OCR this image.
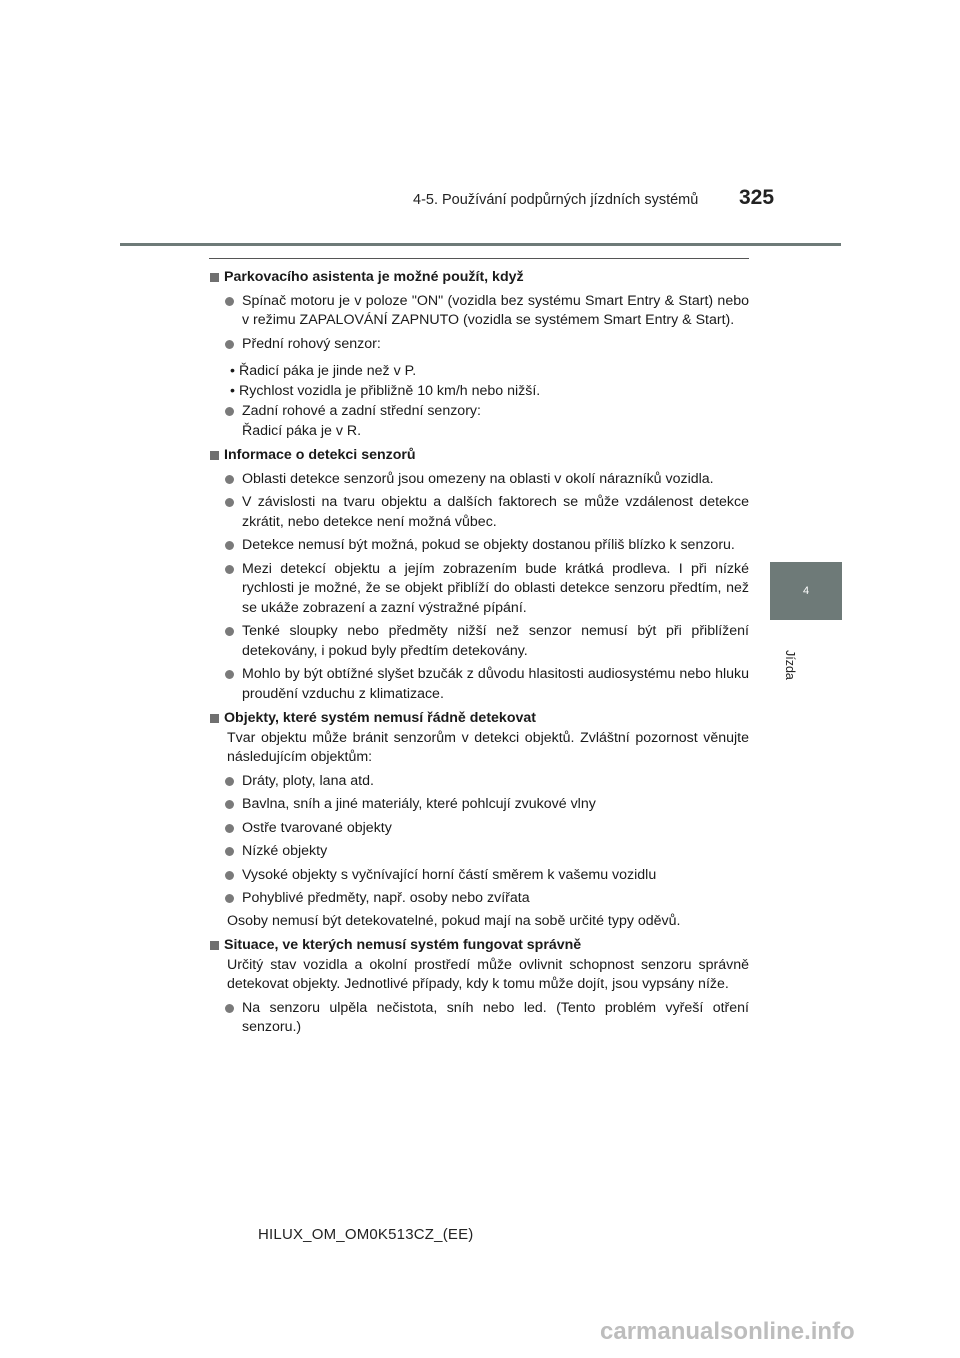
4-5. Používání podpůrných jízdních systémů 325
4
Jízda
Parkovacího asistenta je možné použít, když
Spínač motoru je v poloze "ON" (vozidla bez systému Smart Entry & Start) nebo v režimu ZAPALOVÁNÍ ZAPNUTO (vozidla se systémem Smart Entry & Start).
Přední rohový senzor:
• Řadicí páka je jinde než v P.
• Rychlost vozidla je přibližně 10 km/h nebo nižší.
Zadní rohové a zadní střední senzory:
Řadicí páka je v R.
Informace o detekci senzorů
Oblasti detekce senzorů jsou omezeny na oblasti v okolí nárazníků vozidla.
V závislosti na tvaru objektu a dalších faktorech se může vzdálenost detekce zkrátit, nebo detekce není možná vůbec.
Detekce nemusí být možná, pokud se objekty dostanou příliš blízko k senzoru.
Mezi detekcí objektu a jejím zobrazením bude krátká prodleva. I při nízké rychlosti je možné, že se objekt přiblíží do oblasti detekce senzoru předtím, než se ukáže zobrazení a zazní výstražné pípání.
Tenké sloupky nebo předměty nižší než senzor nemusí být při přiblížení detekovány, i pokud byly předtím detekovány.
Mohlo by být obtížné slyšet bzučák z důvodu hlasitosti audiosystému nebo hluku proudění vzduchu z klimatizace.
Objekty, které systém nemusí řádně detekovat
Tvar objektu může bránit senzorům v detekci objektů. Zvláštní pozornost věnujte následujícím objektům:
Dráty, ploty, lana atd.
Bavlna, sníh a jiné materiály, které pohlcují zvukové vlny
Ostře tvarované objekty
Nízké objekty
Vysoké objekty s vyčnívající horní částí směrem k vašemu vozidlu
Pohyblivé předměty, např. osoby nebo zvířata
Osoby nemusí být detekovatelné, pokud mají na sobě určité typy oděvů.
Situace, ve kterých nemusí systém fungovat správně
Určitý stav vozidla a okolní prostředí může ovlivnit schopnost senzoru správně detekovat objekty. Jednotlivé případy, kdy k tomu může dojít, jsou vypsány níže.
Na senzoru ulpěla nečistota, sníh nebo led. (Tento problém vyřeší otření senzoru.)
HILUX_OM_OM0K513CZ_(EE)
carmanualsonline.info
